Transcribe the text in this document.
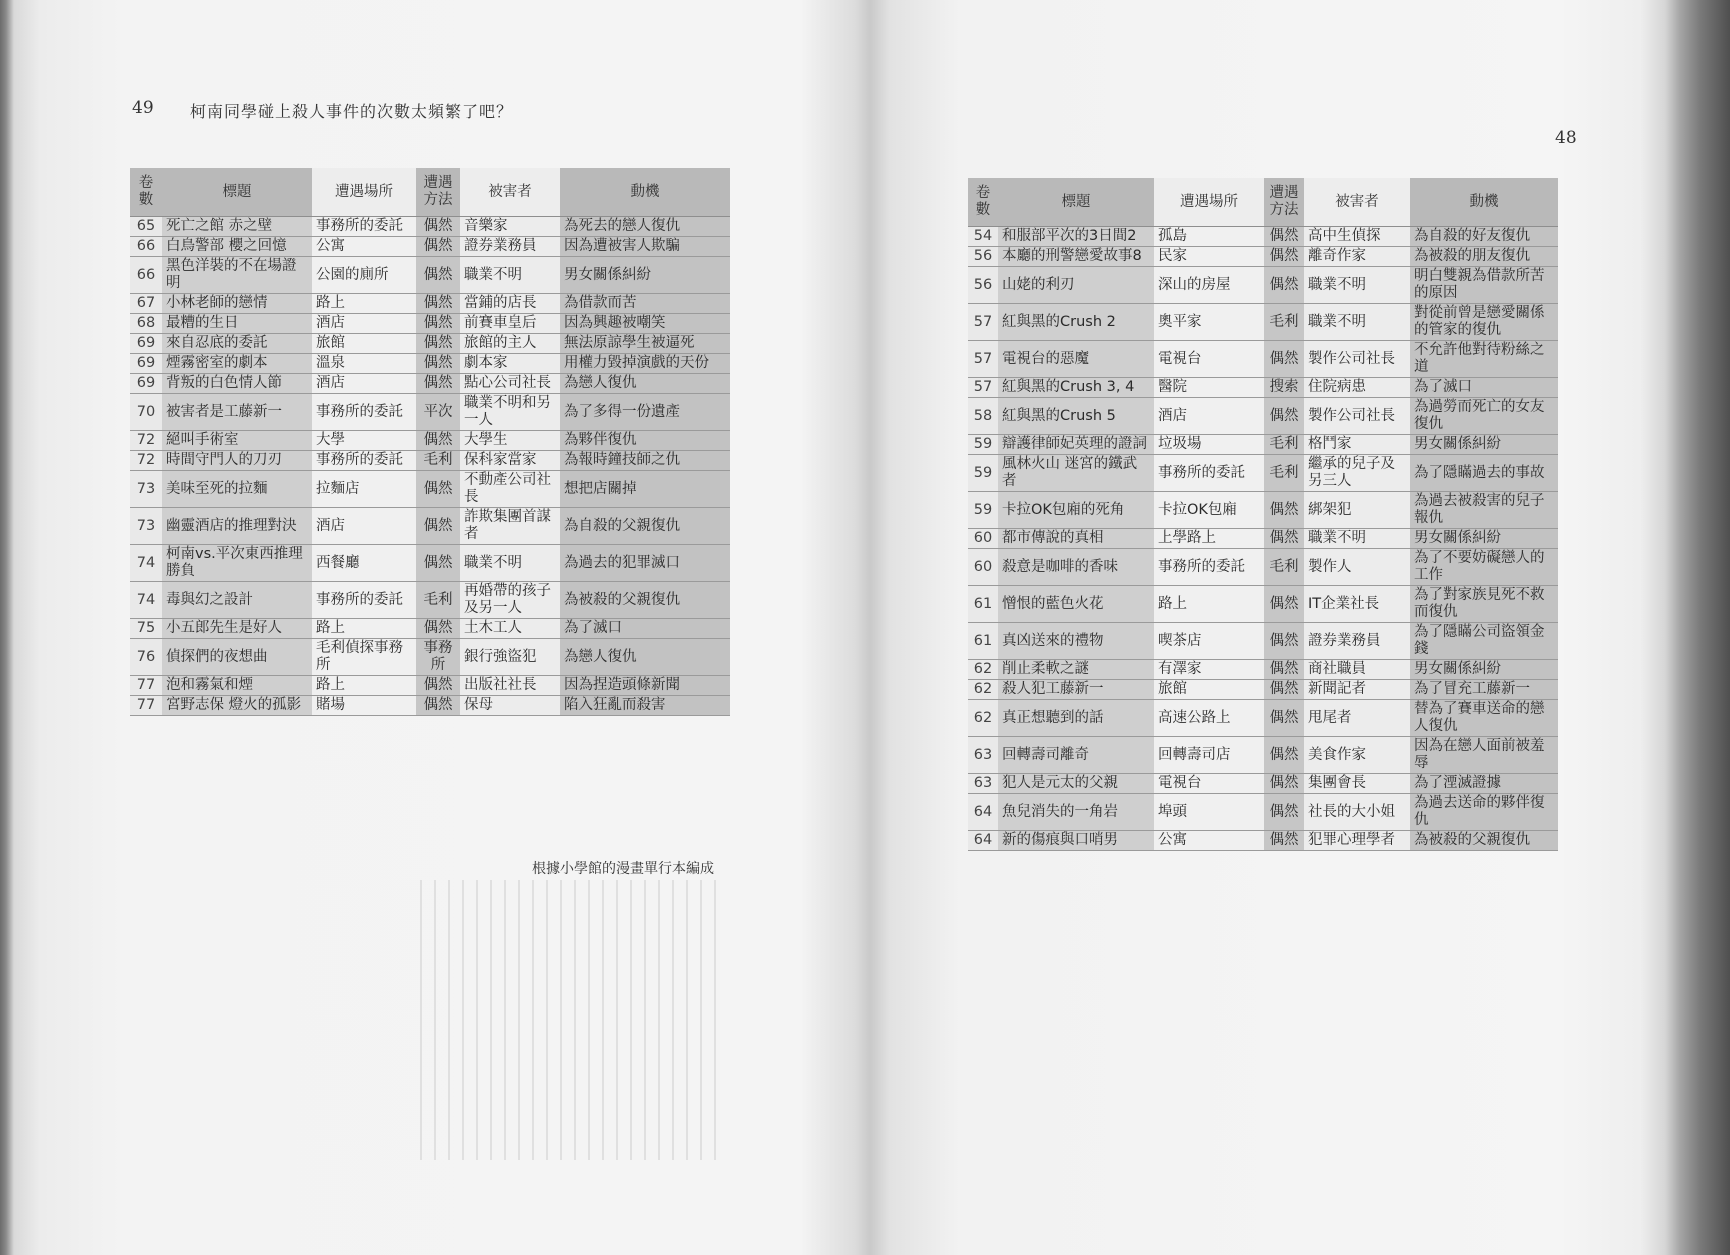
49 柯南同學碰上殺人事件的次數太頻繁了吧？
卷數	標題	遭遇場所	遭遇方法	被害者	動機
65	死亡之館 赤之壁	事務所的委託	偶然	音樂家	為死去的戀人復仇
66	白鳥警部 櫻之回憶	公寓	偶然	證券業務員	因為遭被害人欺騙
66	黑色洋裝的不在場證明	公園的廁所	偶然	職業不明	男女關係糾紛
67	小林老師的戀情	路上	偶然	當鋪的店長	為借款而苦
68	最糟的生日	酒店	偶然	前賽車皇后	因為興趣被嘲笑
69	來自忍底的委託	旅館	偶然	旅館的主人	無法原諒學生被逼死
69	煙霧密室的劇本	溫泉	偶然	劇本家	用權力毀掉演戲的天份
69	背叛的白色情人節	酒店	偶然	點心公司社長	為戀人復仇
70	被害者是工藤新一	事務所的委託	平次	職業不明和另一人	為了多得一份遺產
72	絕叫手術室	大學	偶然	大學生	為夥伴復仇
72	時間守門人的刀刃	事務所的委託	毛利	保科家當家	為報時鐘技師之仇
73	美味至死的拉麵	拉麵店	偶然	不動產公司社長	想把店關掉
73	幽靈酒店的推理對決	酒店	偶然	詐欺集團首謀者	為自殺的父親復仇
74	柯南vs.平次東西推理勝負	西餐廳	偶然	職業不明	為過去的犯罪滅口
74	毒與幻之設計	事務所的委託	毛利	再婚帶的孩子及另一人	為被殺的父親復仇
75	小五郎先生是好人	路上	偶然	土木工人	為了滅口
76	偵探們的夜想曲	毛利偵探事務所	事務所	銀行強盜犯	為戀人復仇
77	泡和霧氣和煙	路上	偶然	出版社社長	因為捏造頭條新聞
77	宮野志保 燈火的孤影	賭場	偶然	保母	陷入狂亂而殺害
根據小學館的漫畫單行本編成
48
卷數	標題	遭遇場所	遭遇方法	被害者	動機
54	和服部平次的3日間2	孤島	偶然	高中生偵探	為自殺的好友復仇
56	本廳的刑警戀愛故事8	民家	偶然	離奇作家	為被殺的朋友復仇
56	山姥的利刃	深山的房屋	偶然	職業不明	明白雙親為借款所苦的原因
57	紅與黑的Crush 2	奧平家	毛利	職業不明	對從前曾是戀愛關係的管家的復仇
57	電視台的惡魔	電視台	偶然	製作公司社長	不允許他對待粉絲之道
57	紅與黑的Crush 3, 4	醫院	搜索	住院病患	為了滅口
58	紅與黑的Crush 5	酒店	偶然	製作公司社長	為過勞而死亡的女友復仇
59	辯護律師妃英理的證詞	垃圾場	毛利	格鬥家	男女關係糾紛
59	風林火山 迷宮的鐵武者	事務所的委託	毛利	繼承的兒子及另三人	為了隱瞞過去的事故
59	卡拉OK包廂的死角	卡拉OK包廂	偶然	綁架犯	為過去被殺害的兒子報仇
60	都市傳說的真相	上學路上	偶然	職業不明	男女關係糾紛
60	殺意是咖啡的香味	事務所的委託	毛利	製作人	為了不要妨礙戀人的工作
61	憎恨的藍色火花	路上	偶然	IT企業社長	為了對家族見死不救而復仇
61	真凶送來的禮物	喫茶店	偶然	證券業務員	為了隱瞞公司盜領金錢
62	削止柔軟之謎	有澤家	偶然	商社職員	男女關係糾紛
62	殺人犯工藤新一	旅館	偶然	新聞記者	為了冒充工藤新一
62	真正想聽到的話	高速公路上	偶然	甩尾者	替為了賽車送命的戀人復仇
63	回轉壽司離奇	回轉壽司店	偶然	美食作家	因為在戀人面前被羞辱
63	犯人是元太的父親	電視台	偶然	集團會長	為了湮滅證據
64	魚兒消失的一角岩	埠頭	偶然	社長的大小姐	為過去送命的夥伴復仇
64	新的傷痕與口哨男	公寓	偶然	犯罪心理學者	為被殺的父親復仇
